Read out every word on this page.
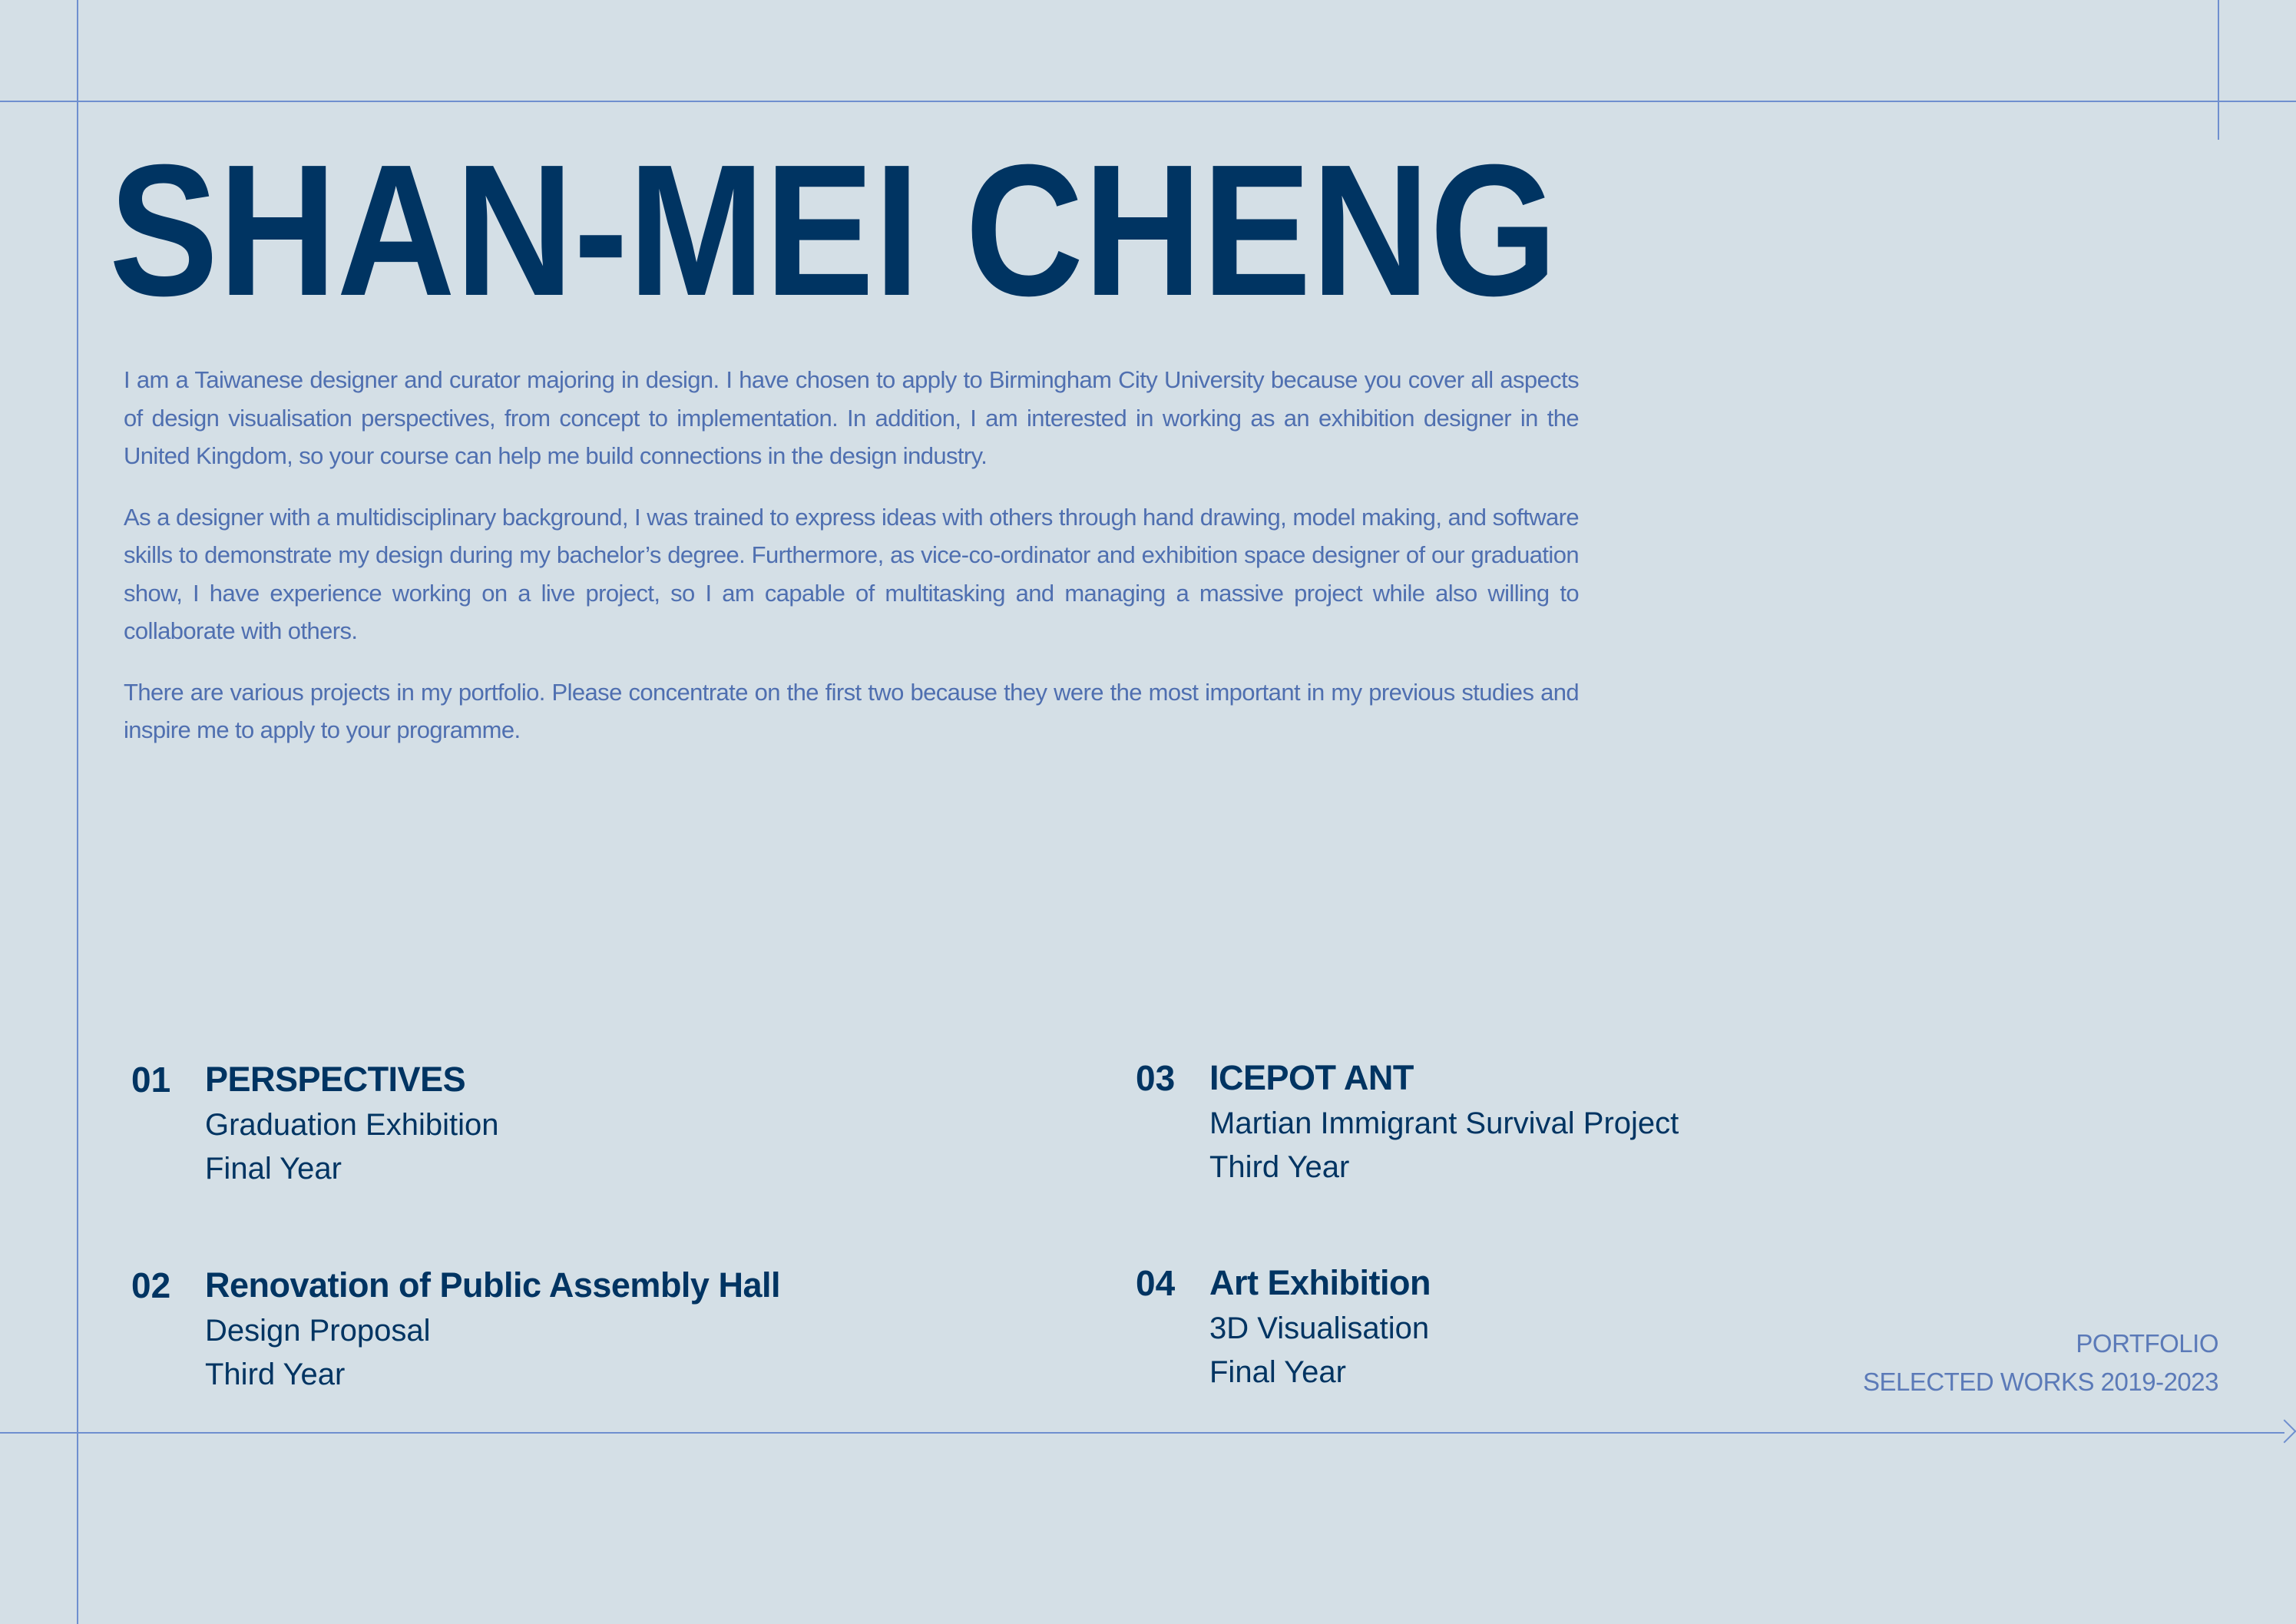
SHAN-MEI CHENG

I am a Taiwanese designer and curator majoring in design. I have chosen to apply to Birmingham City University because you cover all aspects of design visualisation perspectives, from concept to implementation. In addition, I am interested in working as an exhibition designer in the United Kingdom, so your course can help me build connections in the design industry.

As a designer with a multidisciplinary background, I was trained to express ideas with others through hand drawing, model making, and software skills to demonstrate my design during my bachelor’s degree. Furthermore, as vice-co-ordinator and exhibition space designer of our graduation show, I have experience working on a live project, so I am capable of multitasking and managing a massive project while also willing to collaborate with others.

There are various projects in my portfolio. Please concentrate on the first two because they were the most important in my previous studies and inspire me to apply to your programme.

01 PERSPECTIVES
Graduation Exhibition
Final Year
02 Renovation of Public Assembly Hall
Design Proposal
Third Year
03 ICEPOT ANT
Martian Immigrant Survival Project
Third Year
04 Art Exhibition
3D Visualisation
Final Year
PORTFOLIO
SELECTED WORKS 2019-2023
